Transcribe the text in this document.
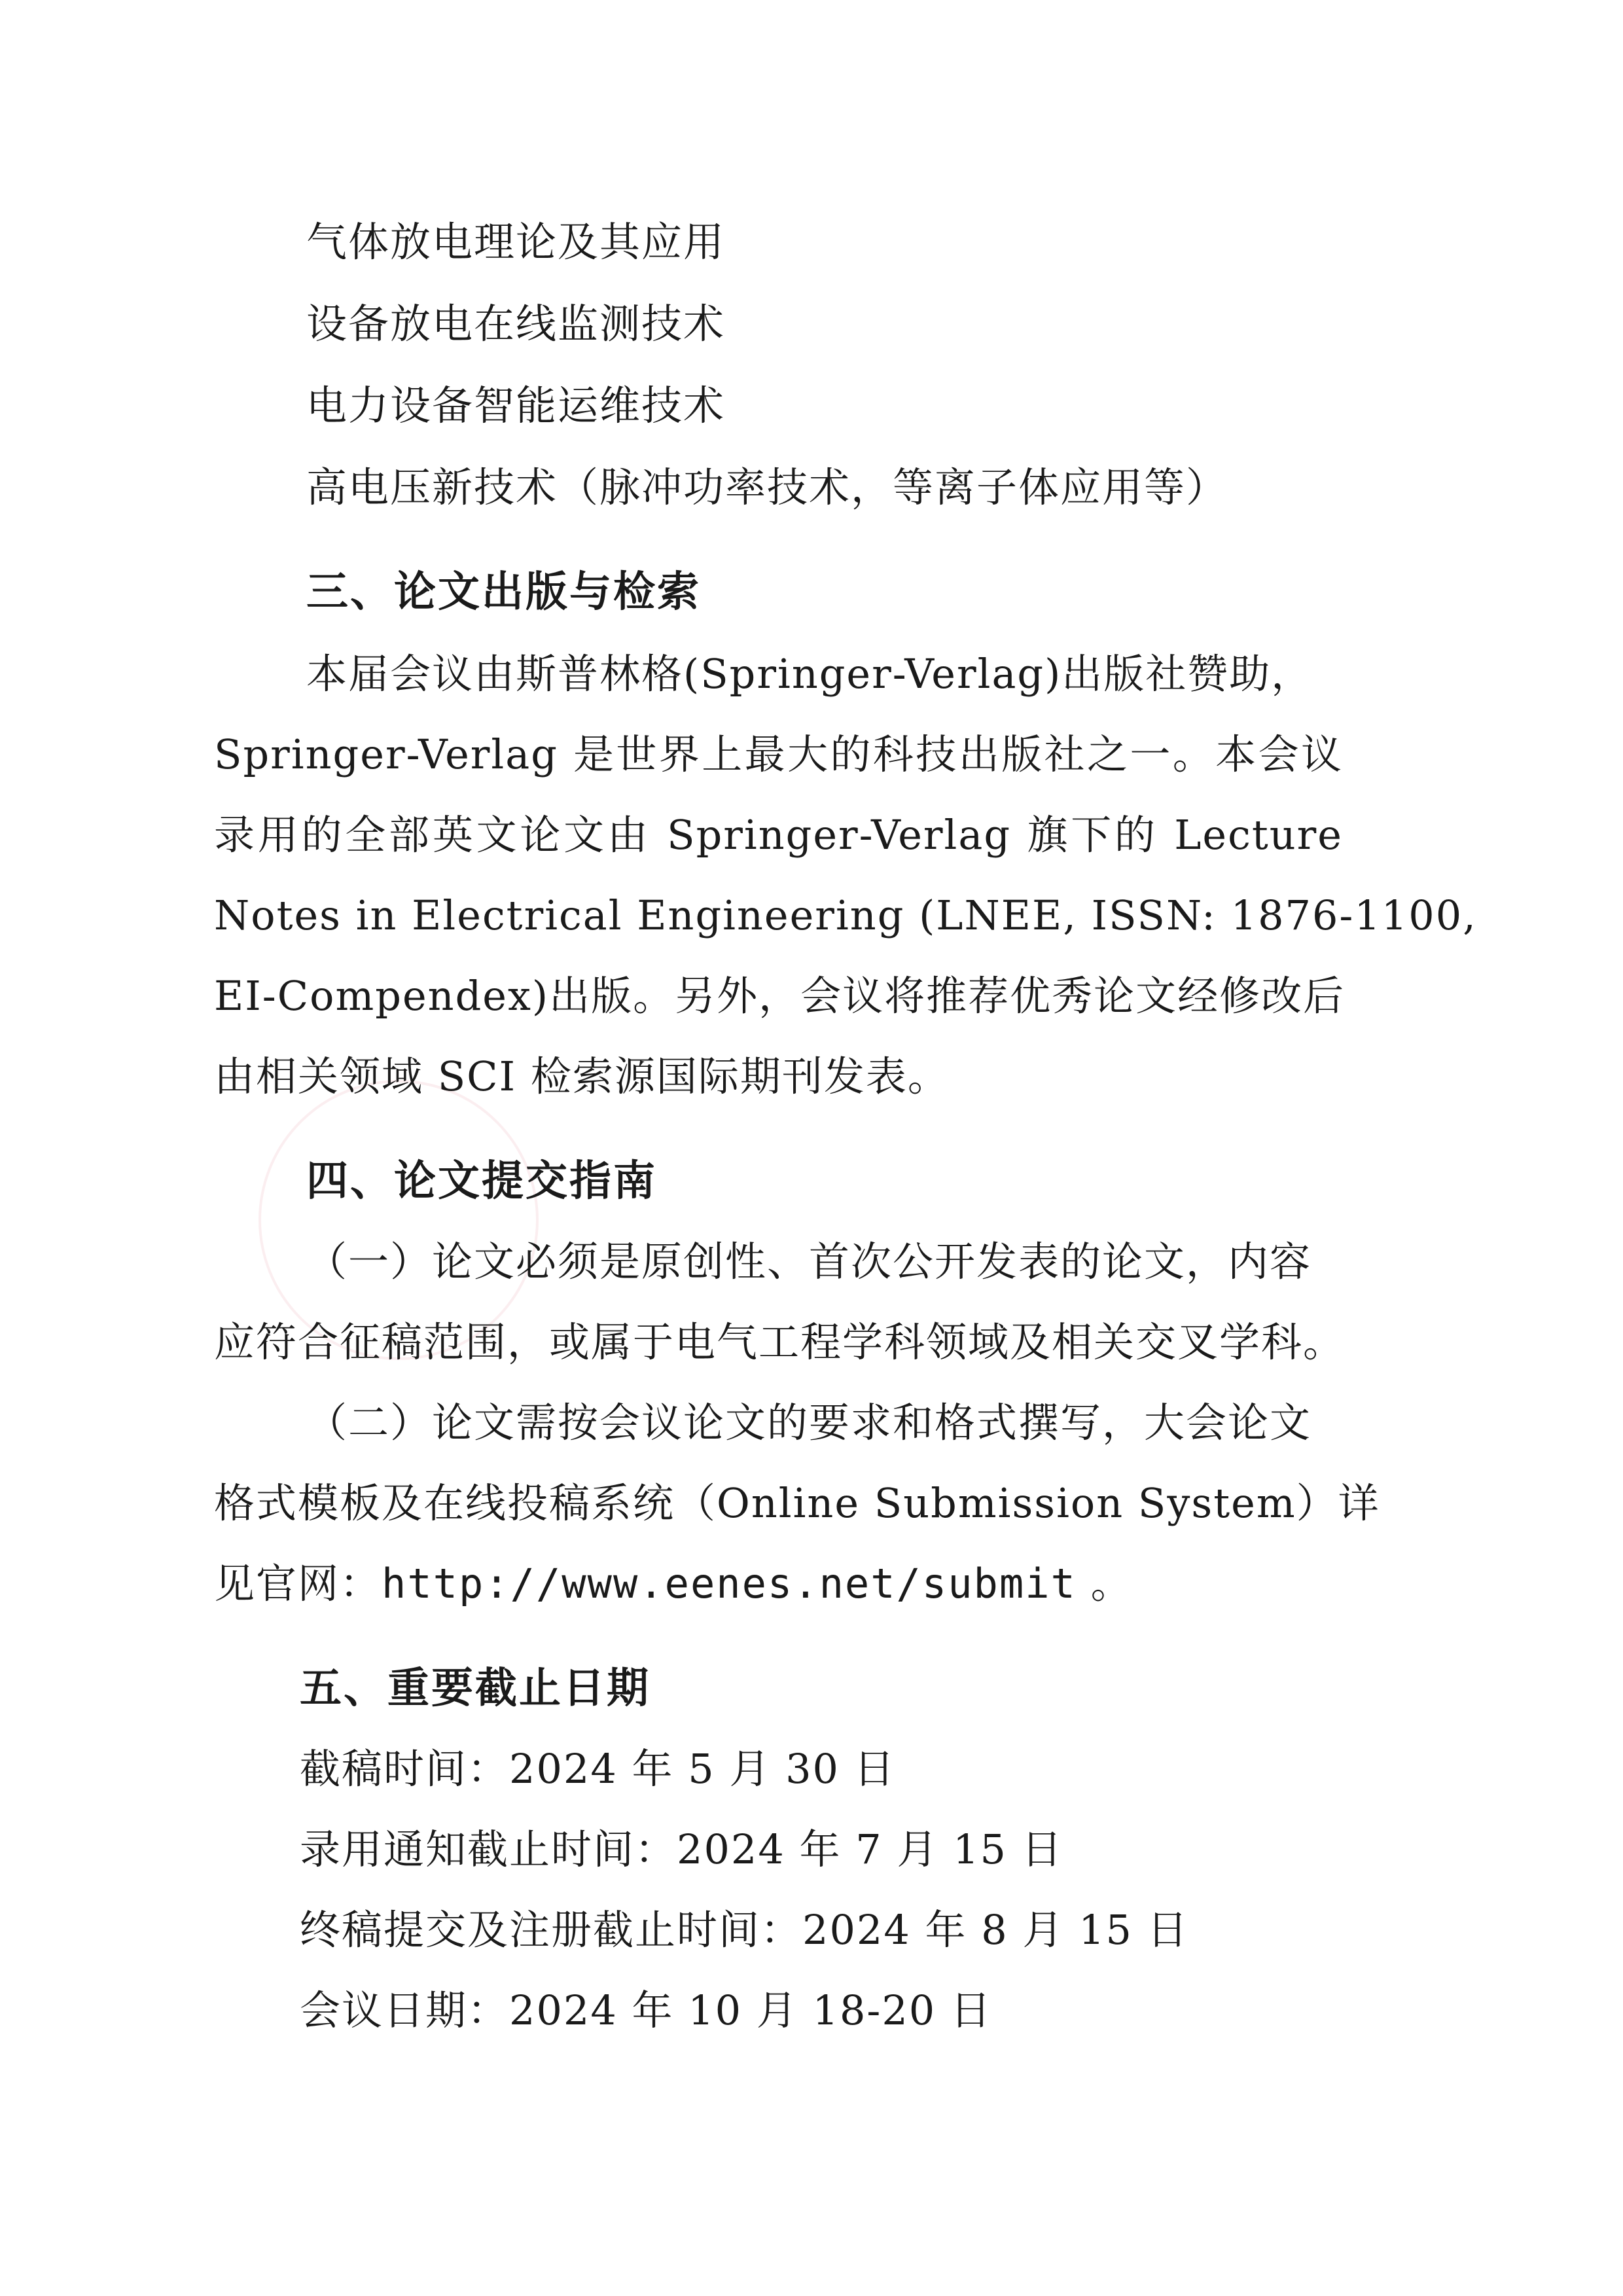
气体放电理论及其应用
设备放电在线监测技术
电力设备智能运维技术
高电压新技术（脉冲功率技术，等离子体应用等）
三、论文出版与检索
本届会议由斯普林格(Springer-Verlag)出版社赞助，
Springer-Verlag 是世界上最大的科技出版社之一。本会议
录用的全部英文论文由 Springer-Verlag 旗下的 Lecture
Notes in Electrical Engineering (LNEE, ISSN: 1876-1100,
EI-Compendex)出版。另外，会议将推荐优秀论文经修改后
由相关领域 SCI 检索源国际期刊发表。
四、论文提交指南
（一）论文必须是原创性、首次公开发表的论文，内容
应符合征稿范围，或属于电气工程学科领域及相关交叉学科。
（二）论文需按会议论文的要求和格式撰写，大会论文
格式模板及在线投稿系统（Online Submission System）详
见官网：http://www.eenes.net/submit 。
五、重要截止日期
截稿时间：2024 年 5 月 30 日
录用通知截止时间：2024 年 7 月 15 日
终稿提交及注册截止时间：2024 年 8 月 15 日
会议日期：2024 年 10 月 18-20 日
